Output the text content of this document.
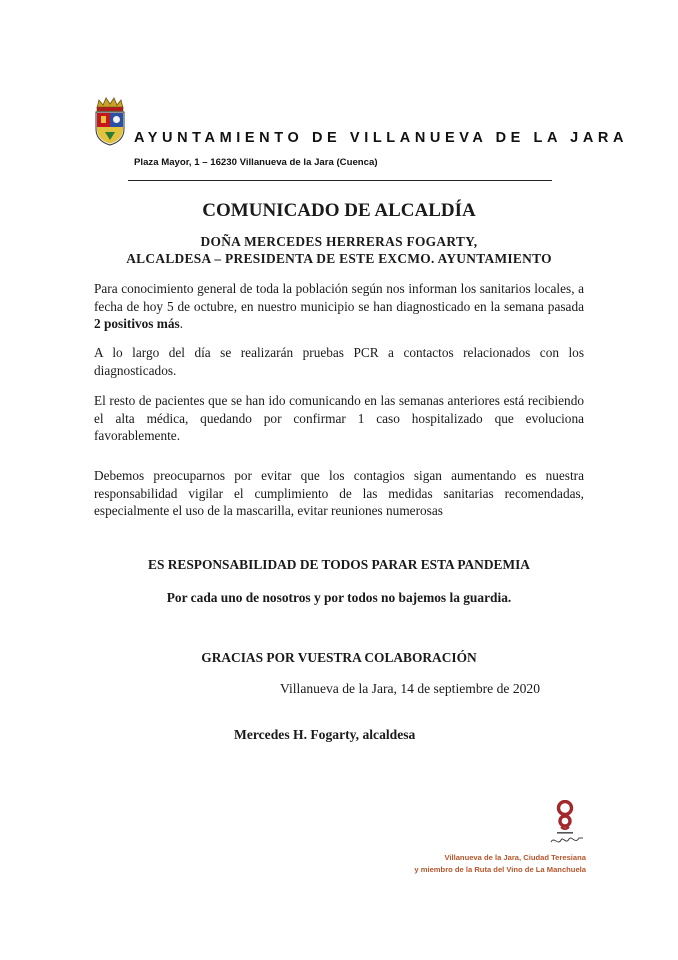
AYUNTAMIENTO DE VILLANUEVA DE LA JARA
Plaza Mayor, 1 – 16230 Villanueva de la Jara (Cuenca)
COMUNICADO DE ALCALDÍA
DOÑA MERCEDES HERRERAS FOGARTY,
ALCALDESA – PRESIDENTA DE ESTE EXCMO. AYUNTAMIENTO
Para conocimiento general de toda la población según nos informan los sanitarios locales, a fecha de hoy 5 de octubre, en nuestro municipio se han diagnosticado en la semana pasada 2 positivos más.
A lo largo del día se realizarán pruebas PCR a contactos relacionados con los diagnosticados.
El resto de pacientes que se han ido comunicando en las semanas anteriores está recibiendo el alta médica, quedando por confirmar 1 caso hospitalizado que evoluciona favorablemente.
Debemos preocuparnos por evitar que los contagios sigan aumentando es nuestra responsabilidad vigilar el cumplimiento de las medidas sanitarias recomendadas, especialmente el uso de la mascarilla, evitar reuniones numerosas
ES RESPONSABILIDAD DE TODOS PARAR ESTA PANDEMIA
Por cada uno de nosotros y por todos no bajemos la guardia.
GRACIAS POR VUESTRA COLABORACIÓN
Villanueva de la Jara, 14 de septiembre de 2020
Mercedes H. Fogarty, alcaldesa
Villanueva de la Jara, Ciudad Teresiana
y miembro de la Ruta del Vino de La Manchuela
